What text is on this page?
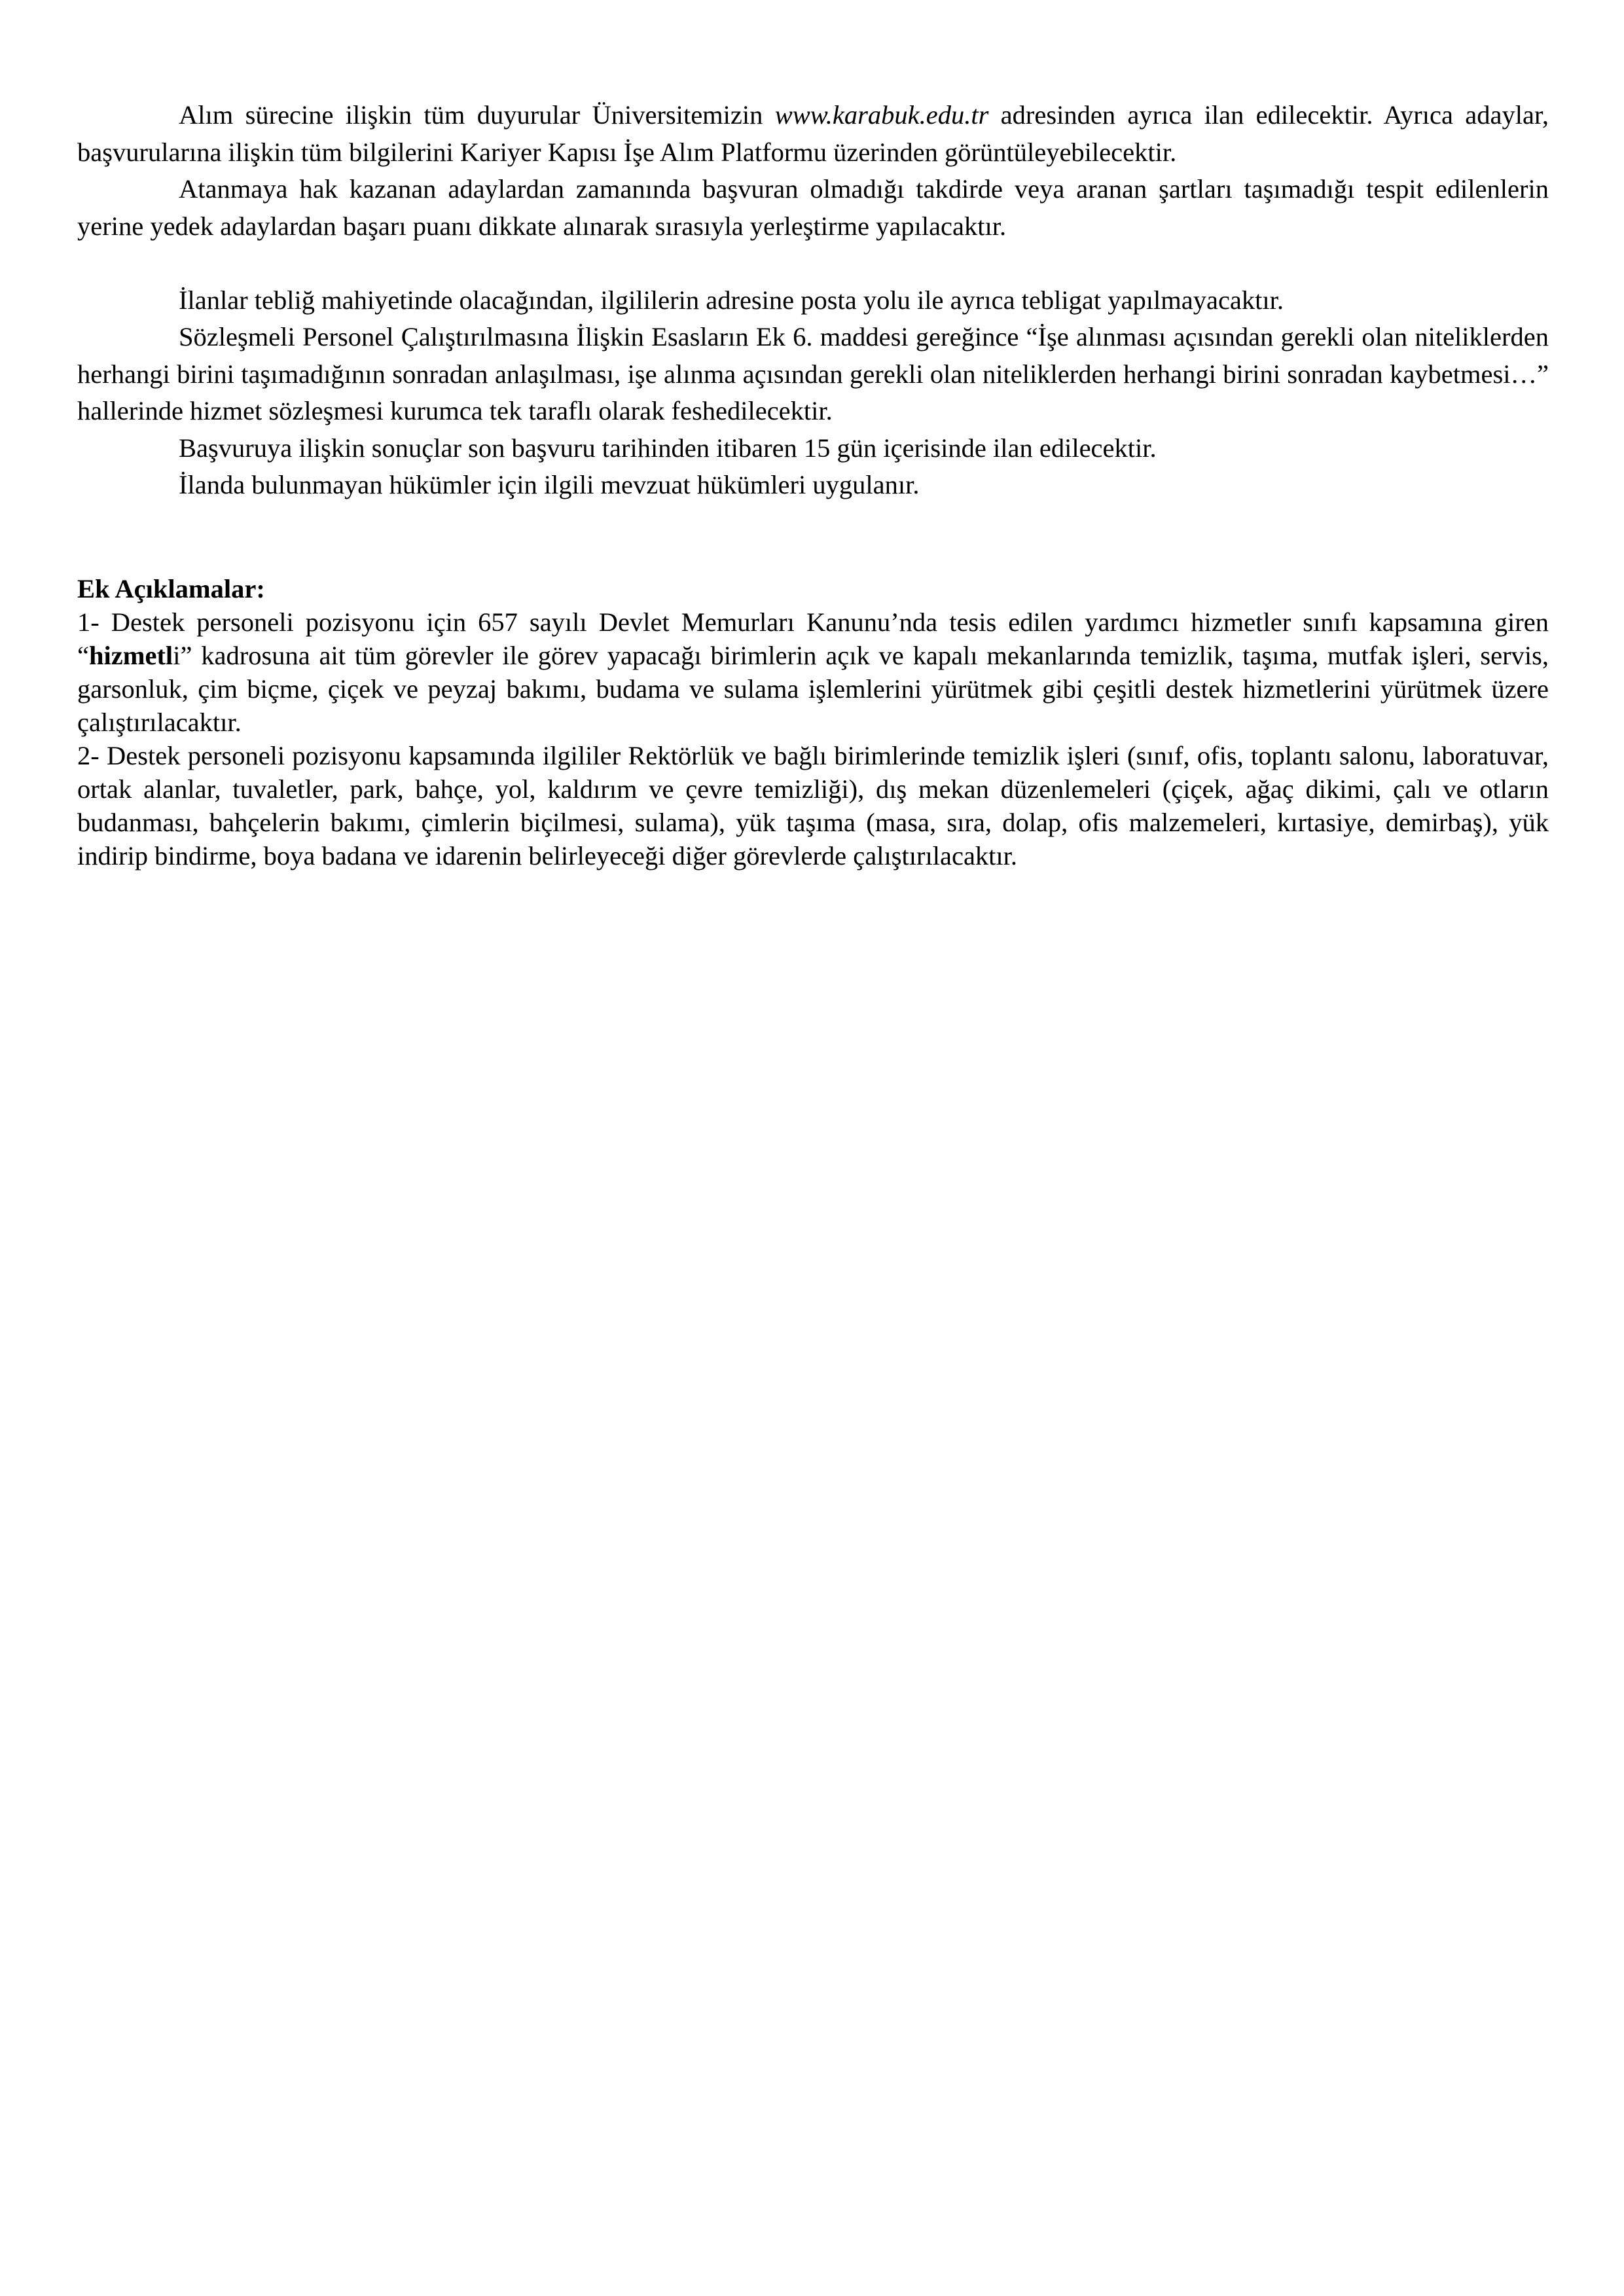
Alım sürecine ilişkin tüm duyurular Üniversitemizin www.karabuk.edu.tr adresinden ayrıca ilan edilecektir. Ayrıca adaylar, başvurularına ilişkin tüm bilgilerini Kariyer Kapısı İşe Alım Platformu üzerinden görüntüleyebilecektir.

Atanmaya hak kazanan adaylardan zamanında başvuran olmadığı takdirde veya aranan şartları taşımadığı tespit edilenlerin yerine yedek adaylardan başarı puanı dikkate alınarak sırasıyla yerleştirme yapılacaktır.

İlanlar tebliğ mahiyetinde olacağından, ilgililerin adresine posta yolu ile ayrıca tebligat yapılmayacaktır.

Sözleşmeli Personel Çalıştırılmasına İlişkin Esasların Ek 6. maddesi gereğince “İşe alınması açısından gerekli olan niteliklerden herhangi birini taşımadığının sonradan anlaşılması, işe alınma açısından gerekli olan niteliklerden herhangi birini sonradan kaybetmesi…” hallerinde hizmet sözleşmesi kurumca tek taraflı olarak feshedilecektir.

Başvuruya ilişkin sonuçlar son başvuru tarihinden itibaren 15 gün içerisinde ilan edilecektir.

İlanda bulunmayan hükümler için ilgili mevzuat hükümleri uygulanır.

Ek Açıklamalar:

1- Destek personeli pozisyonu için 657 sayılı Devlet Memurları Kanunu’nda tesis edilen yardımcı hizmetler sınıfı kapsamına giren “hizmetli” kadrosuna ait tüm görevler ile görev yapacağı birimlerin açık ve kapalı mekanlarında temizlik, taşıma, mutfak işleri, servis, garsonluk, çim biçme, çiçek ve peyzaj bakımı, budama ve sulama işlemlerini yürütmek gibi çeşitli destek hizmetlerini yürütmek üzere çalıştırılacaktır.

2- Destek personeli pozisyonu kapsamında ilgililer Rektörlük ve bağlı birimlerinde temizlik işleri (sınıf, ofis, toplantı salonu, laboratuvar, ortak alanlar, tuvaletler, park, bahçe, yol, kaldırım ve çevre temizliği), dış mekan düzenlemeleri (çiçek, ağaç dikimi, çalı ve otların budanması, bahçelerin bakımı, çimlerin biçilmesi, sulama), yük taşıma (masa, sıra, dolap, ofis malzemeleri, kırtasiye, demirbaş), yük indirip bindirme, boya badana ve idarenin belirleyeceği diğer görevlerde çalıştırılacaktır.
